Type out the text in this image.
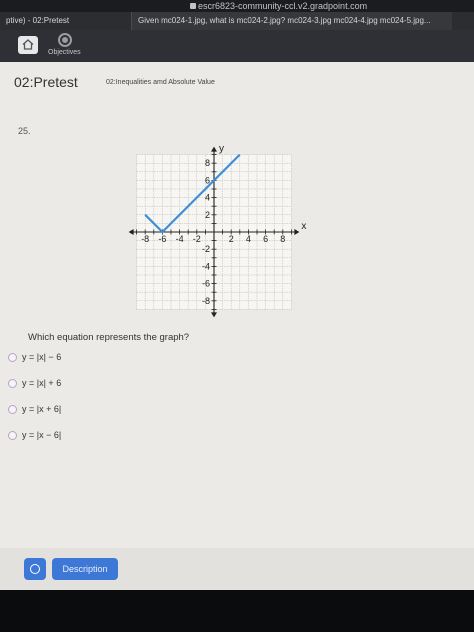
escr6823-community-ccl.v2.gradpoint.com
ptive) - 02:Pretest	Given mc024-1.jpg, what is mc024-2.jpg? mc024-3.jpg mc024-4.jpg mc024-5.jpg...
Objectives
02:Pretest	02:Inequalities amd Absolute Value
25.
-8 -6 -4 -2	2 4 6 8
8
6
4
2
-2
-4
-6
-8
x
y
Which equation represents the graph?
y = |x| − 6
y = |x| + 6
y = |x + 6|
y = |x − 6|
Description
